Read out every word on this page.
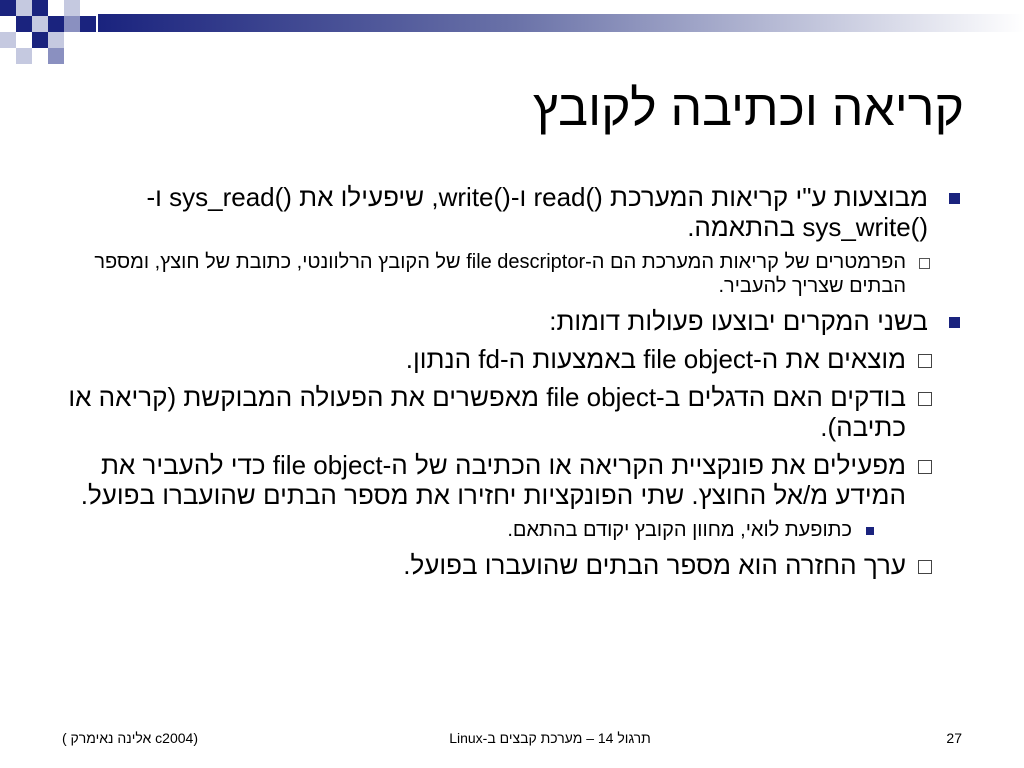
קריאה וכתיבה לקובץ
מבוצעות ע"י קריאות המערכת ()read ו-()write, שיפעילו את ()sys_read ו-()sys_write בהתאמה.
הפרמטרים של קריאות המערכת הם ה-file descriptor של הקובץ הרלוונטי, כתובת של חוצץ, ומספר הבתים שצריך להעביר.
בשני המקרים יבוצעו פעולות דומות:
מוצאים את ה-file object באמצעות ה-fd הנתון.
בודקים האם הדגלים ב-file object מאפשרים את הפעולה המבוקשת (קריאה או כתיבה).
מפעילים את פונקציית הקריאה או הכתיבה של ה-file object כדי להעביר את המידע מ/אל החוצץ. שתי הפונקציות יחזירו את מספר הבתים שהועברו בפועל.
כתופעת לואי, מחוון הקובץ יקודם בהתאם.
ערך החזרה הוא מספר הבתים שהועברו בפועל.
27
תרגול 14 – מערכת קבצים ב-Linux
(c2004 אלינה נאימרק )
